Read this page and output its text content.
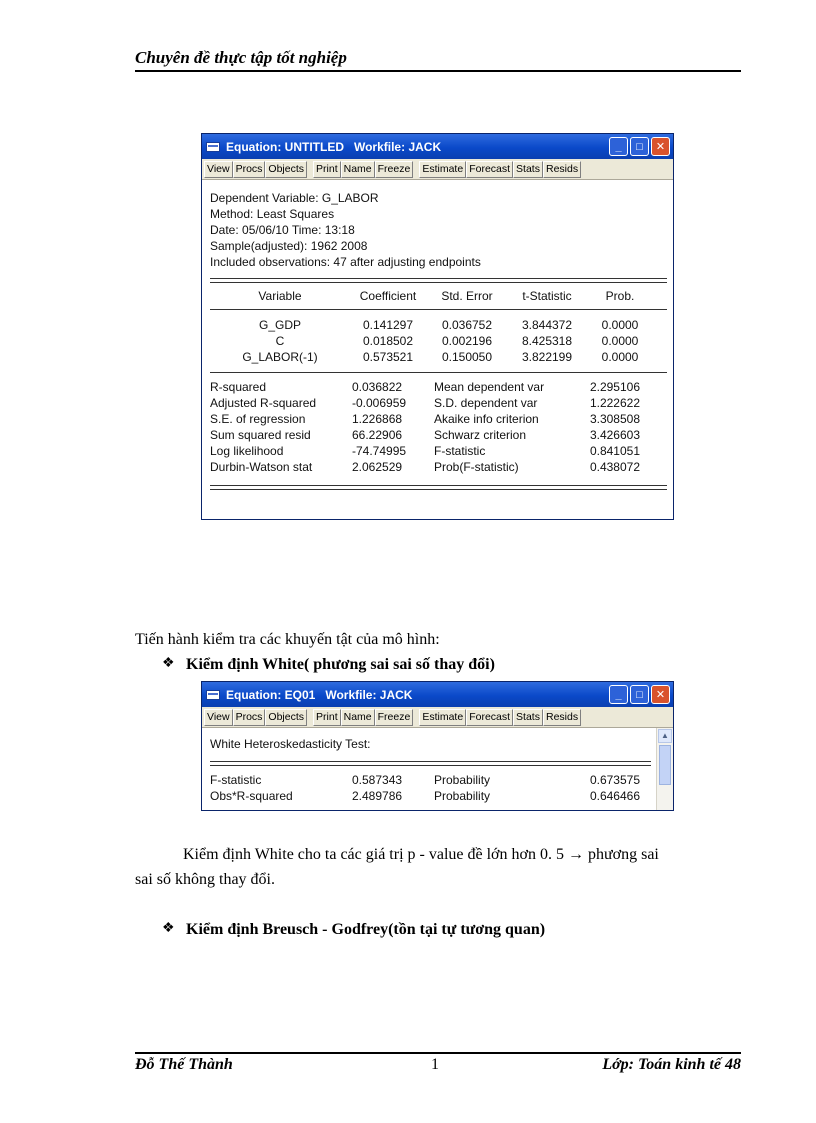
Chuyên đề thực tập tốt nghiệp
Equation: UNTITLED   Workfile: JACK	_	□	✕
View Procs Objects Print Name Freeze Estimate Forecast Stats Resids
Dependent Variable: G_LABOR
Method: Least Squares
Date: 05/06/10 Time: 13:18
Sample(adjusted): 1962 2008
Included observations: 47 after adjusting endpoints
Variable	Coefficient	Std. Error	t-Statistic	Prob.
G_GDP	0.141297	0.036752	3.844372	0.0000
C	0.018502	0.002196	8.425318	0.0000
G_LABOR(-1)	0.573521	0.150050	3.822199	0.0000
R-squared	0.036822	Mean dependent var	2.295106
Adjusted R-squared	-0.006959	S.D. dependent var	1.222622
S.E. of regression	1.226868	Akaike info criterion	3.308508
Sum squared resid	66.22906	Schwarz criterion	3.426603
Log likelihood	-74.74995	F-statistic	0.841051
Durbin-Watson stat	2.062529	Prob(F-statistic)	0.438072
Tiến hành kiểm tra các khuyến tật của mô hình:
❖
Kiểm định White( phương sai sai số thay đổi)
Equation: EQ01   Workfile: JACK	_	□	✕
View Procs Objects Print Name Freeze Estimate Forecast Stats Resids
▲
White Heteroskedasticity Test:
F-statistic	0.587343	Probability	0.673575
Obs*R-squared	2.489786	Probability	0.646466
Kiểm định White cho ta các giá trị p - value đề lớn hơn 0. 5 → phương sai
sai số không thay đổi.
❖
Kiểm định Breusch - Godfrey(tồn tại tự tương quan)
Đỗ Thế Thành	1	Lớp: Toán kinh tế 48
